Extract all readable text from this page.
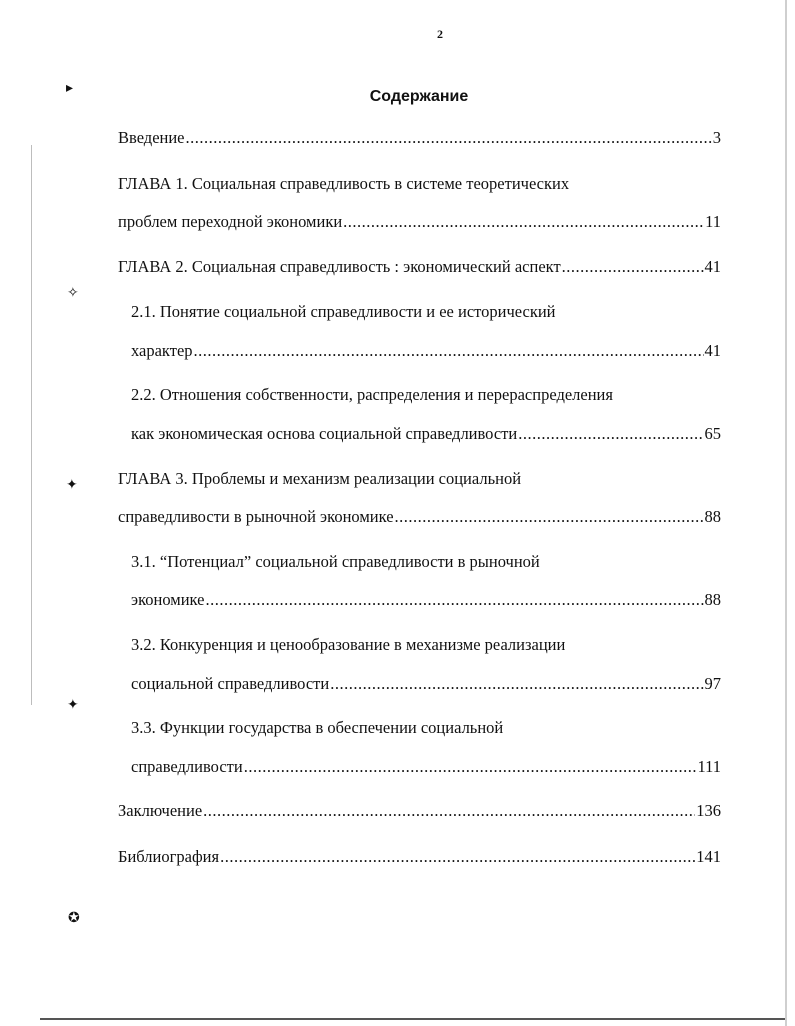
2
Содержание
Введение .....	3
ГЛАВА 1. Социальная справедливость в системе теоретических
проблем переходной экономики .....	11
ГЛАВА 2. Социальная справедливость : экономический аспект .....	41
2.1. Понятие социальной справедливости и ее исторический
характер .....	41
2.2. Отношения собственности, распределения и перераспределения
как экономическая основа социальной справедливости .....	65
ГЛАВА 3. Проблемы и механизм реализации социальной
справедливости в рыночной экономике .....	88
3.1. “Потенциал” социальной справедливости в рыночной
экономике .....	88
3.2. Конкуренция и ценообразование в механизме реализации
социальной справедливости .....	97
3.3. Функции государства в обеспечении социальной
справедливости .....	111
Заключение .....	136
Библиография .....	141
▸
✧
✦
✦
✪
